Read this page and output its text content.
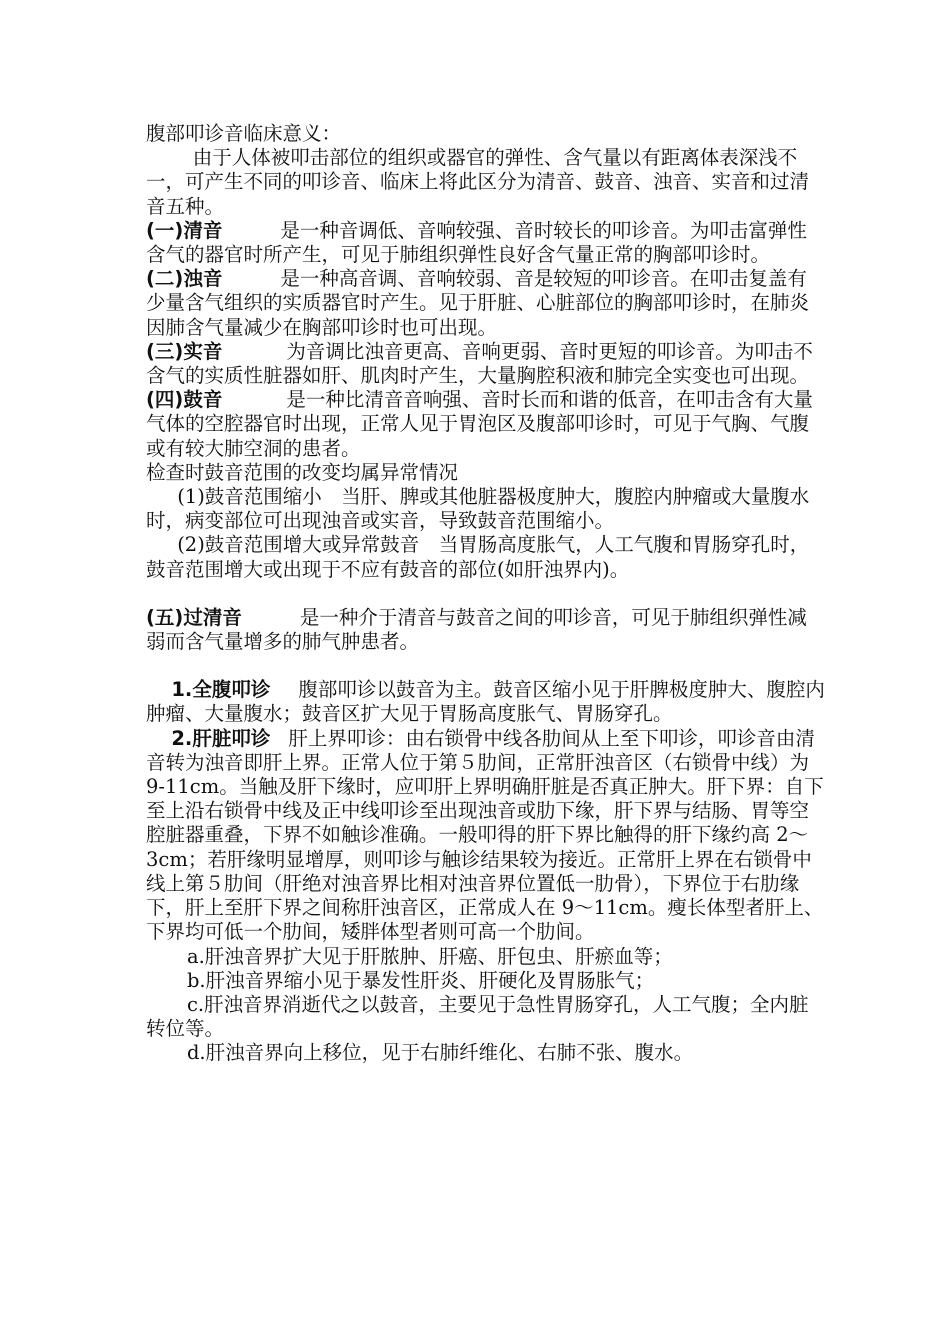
腹部叩诊音临床意义：

由于人体被叩击部位的组织或器官的弹性、含气量以有距离体表深浅不一，可产生不同的叩诊音、临床上将此区分为清音、鼓音、浊音、实音和过清音五种。

(一)清音	是一种音调低、音响较强、音时较长的叩诊音。为叩击富弹性含气的器官时所产生，可见于肺组织弹性良好含气量正常的胸部叩诊时。

(二)浊音	是一种高音调、音响较弱、音是较短的叩诊音。在叩击复盖有少量含气组织的实质器官时产生。见于肝脏、心脏部位的胸部叩诊时，在肺炎因肺含气量减少在胸部叩诊时也可出现。

(三)实音	为音调比浊音更高、音响更弱、音时更短的叩诊音。为叩击不含气的实质性脏器如肝、肌肉时产生，大量胸腔积液和肺完全实变也可出现。

(四)鼓音	是一种比清音音响强、音时长而和谐的低音，在叩击含有大量气体的空腔器官时出现，正常人见于胃泡区及腹部叩诊时，可见于气胸、气腹或有较大肺空洞的患者。

检查时鼓音范围的改变均属异常情况

(1)鼓音范围缩小　当肝、脾或其他脏器极度肿大，腹腔内肿瘤或大量腹水时，病变部位可出现浊音或实音，导致鼓音范围缩小。

(2)鼓音范围增大或异常鼓音　当胃肠高度胀气，人工气腹和胃肠穿孔时，鼓音范围增大或出现于不应有鼓音的部位(如肝浊界内)。

(五)过清音	是一种介于清音与鼓音之间的叩诊音，可见于肺组织弹性减弱而含气量增多的肺气肿患者。

1.全腹叩诊 腹部叩诊以鼓音为主。鼓音区缩小见于肝脾极度肿大、腹腔内肿瘤、大量腹水；鼓音区扩大见于胃肠高度胀气、胃肠穿孔。

2.肝脏叩诊 肝上界叩诊：由右锁骨中线各肋间从上至下叩诊，叩诊音由清音转为浊音即肝上界。正常人位于第５肋间，正常肝浊音区（右锁骨中线）为9-11cm。当触及肝下缘时，应叩肝上界明确肝脏是否真正肿大。肝下界：自下至上沿右锁骨中线及正中线叩诊至出现浊音或肋下缘，肝下界与结肠、胃等空腔脏器重叠，下界不如触诊准确。一般叩得的肝下界比触得的肝下缘约高 2～3cm；若肝缘明显增厚，则叩诊与触诊结果较为接近。正常肝上界在右锁骨中线上第５肋间（肝绝对浊音界比相对浊音界位置低一肋骨），下界位于右肋缘下，肝上至肝下界之间称肝浊音区，正常成人在 9～11cm。瘦长体型者肝上、下界均可低一个肋间，矮胖体型者则可高一个肋间。

a.肝浊音界扩大见于肝脓肿、肝癌、肝包虫、肝瘀血等；

b.肝浊音界缩小见于暴发性肝炎、肝硬化及胃肠胀气；

c.肝浊音界消逝代之以鼓音，主要见于急性胃肠穿孔，人工气腹；全内脏转位等。

d.肝浊音界向上移位，见于右肺纤维化、右肺不张、腹水。
